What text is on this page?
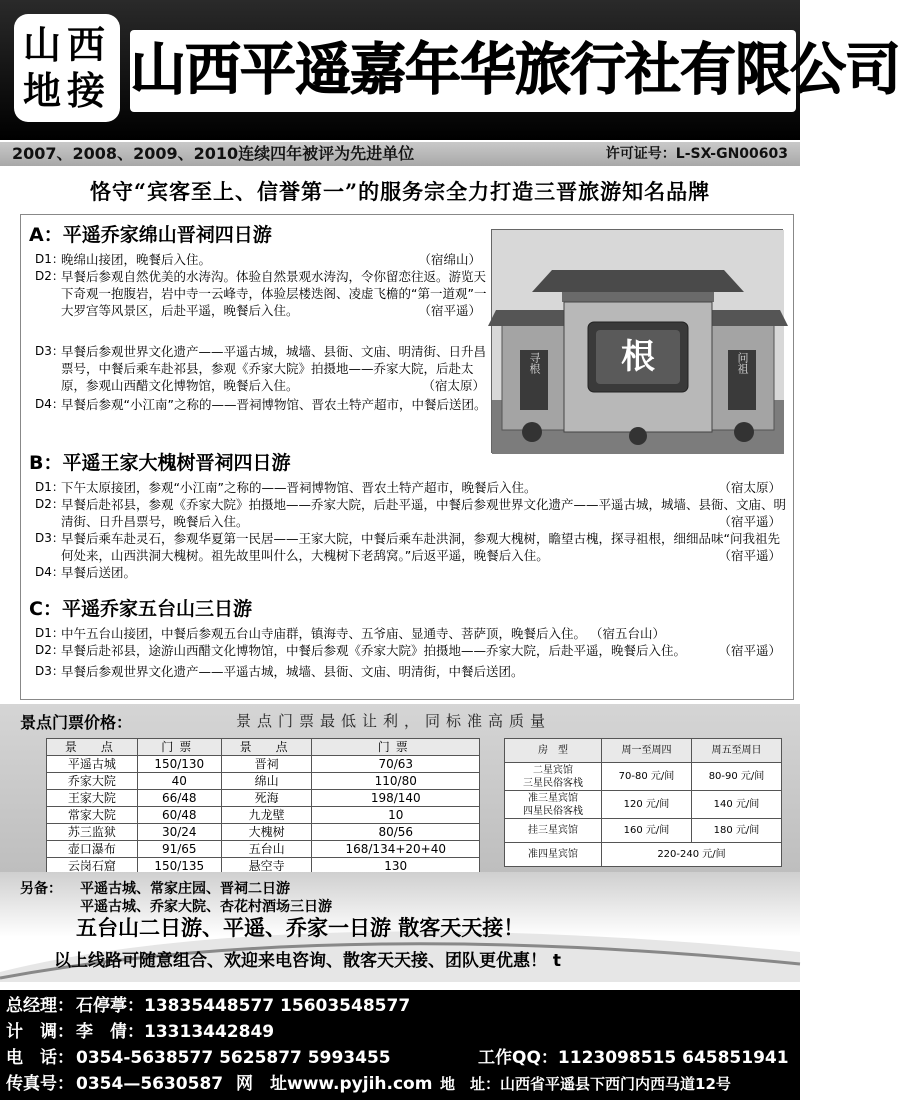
山西
地接 山西平遥嘉年华旅行社有限公司
2007、2008、2009、2010连续四年被评为先进单位	许可证号：L-SX-GN00603
恪守“宾客至上、信誉第一”的服务宗全力打造三晋旅游知名品牌
根
寻根	问祖
A：平遥乔家绵山晋祠四日游
D1：	（宿绵山）
晚绵山接团，晚餐后入住。
D2：
早餐后参观自然优美的水涛沟。体验自然景观水涛沟，令你留恋往返。游览天下奇观一抱腹岩，岩中寺一云峰寺，体验层楼迭阁、凌虚飞檐的“第一道观”一大罗宫等风景区，后赴平遥，晚餐后入住。	（宿平遥）
D3：
早餐后参观世界文化遗产——平遥古城，城墙、县衙、文庙、明清街、日升昌票号，中餐后乘车赴祁县，参观《乔家大院》拍摄地——乔家大院，后赴太原，参观山西醋文化博物馆，晚餐后入住。	（宿太原）
D4：
早餐后参观“小江南”之称的——晋祠博物馆、晋农土特产超市，中餐后送团。
B：平遥王家大槐树晋祠四日游
D1：	（宿太原）
下午太原接团，参观“小江南”之称的——晋祠博物馆、晋农土特产超市，晚餐后入住。
D2：
早餐后赴祁县，参观《乔家大院》拍摄地——乔家大院，后赴平遥，中餐后参观世界文化遗产——平遥古城，城墙、县衙、文庙、明清街、日升昌票号，晚餐后入住。	（宿平遥）
D3：
早餐后乘车赴灵石，参观华夏第一民居——王家大院，中餐后乘车赴洪洞，参观大槐树，瞻望古槐，探寻祖根，细细品味“问我祖先何处来，山西洪洞大槐树。祖先故里叫什么，大槐树下老鸹窝。”后返平遥，晚餐后入住。	（宿平遥）
D4：
早餐后送团。
C：平遥乔家五台山三日游
D1：
中午五台山接团，中餐后参观五台山寺庙群，镇海寺、五爷庙、显通寺、菩萨顶，晚餐后入住。 （宿五台山）
D2：
早餐后赴祁县，途游山西醋文化博物馆，中餐后参观《乔家大院》拍摄地——乔家大院，后赴平遥，晚餐后入住。	（宿平遥）
D3：
早餐后参观世界文化遗产——平遥古城，城墙、县衙、文庙、明清街，中餐后送团。
景点门票价格：	景点门票最低让利，同标准高质量
景　点	门票	景　点	门票
平遥古城	150/130	晋祠	70/63
乔家大院	40	绵山	110/80
王家大院	66/48	死海	198/140
常家大院	60/48	九龙壁	10
苏三监狱	30/24	大槐树	80/56
壶口瀑布	91/65	五台山	168/134+20+40
云岗石窟	150/135	悬空寺	130
房　型	周一至周四	周五至周日
二星宾馆
三星民俗客栈	70-80 元/间	80-90 元/间
准三星宾馆
四星民俗客栈	120 元/间	140 元/间
挂三星宾馆	160 元/间	180 元/间
准四星宾馆	220-240 元/间	
另备： 平遥古城、常家庄园、晋祠二日游
平遥古城、乔家大院、杏花村酒场三日游
五台山二日游、平遥、乔家一日游 散客天天接！
以上线路可随意组合、欢迎来电咨询、散客天天接、团队更优惠！ t
总经理： 石停葶：13835448577 15603548577
计　调： 李　倩：13313442849
电　话： 0354-5638577 5625877 5993455	工作QQ：1123098515 645851941
传真号： 0354—5630587 网　址www.pyjih.com 地　址：山西省平遥县下西门内西马道12号
